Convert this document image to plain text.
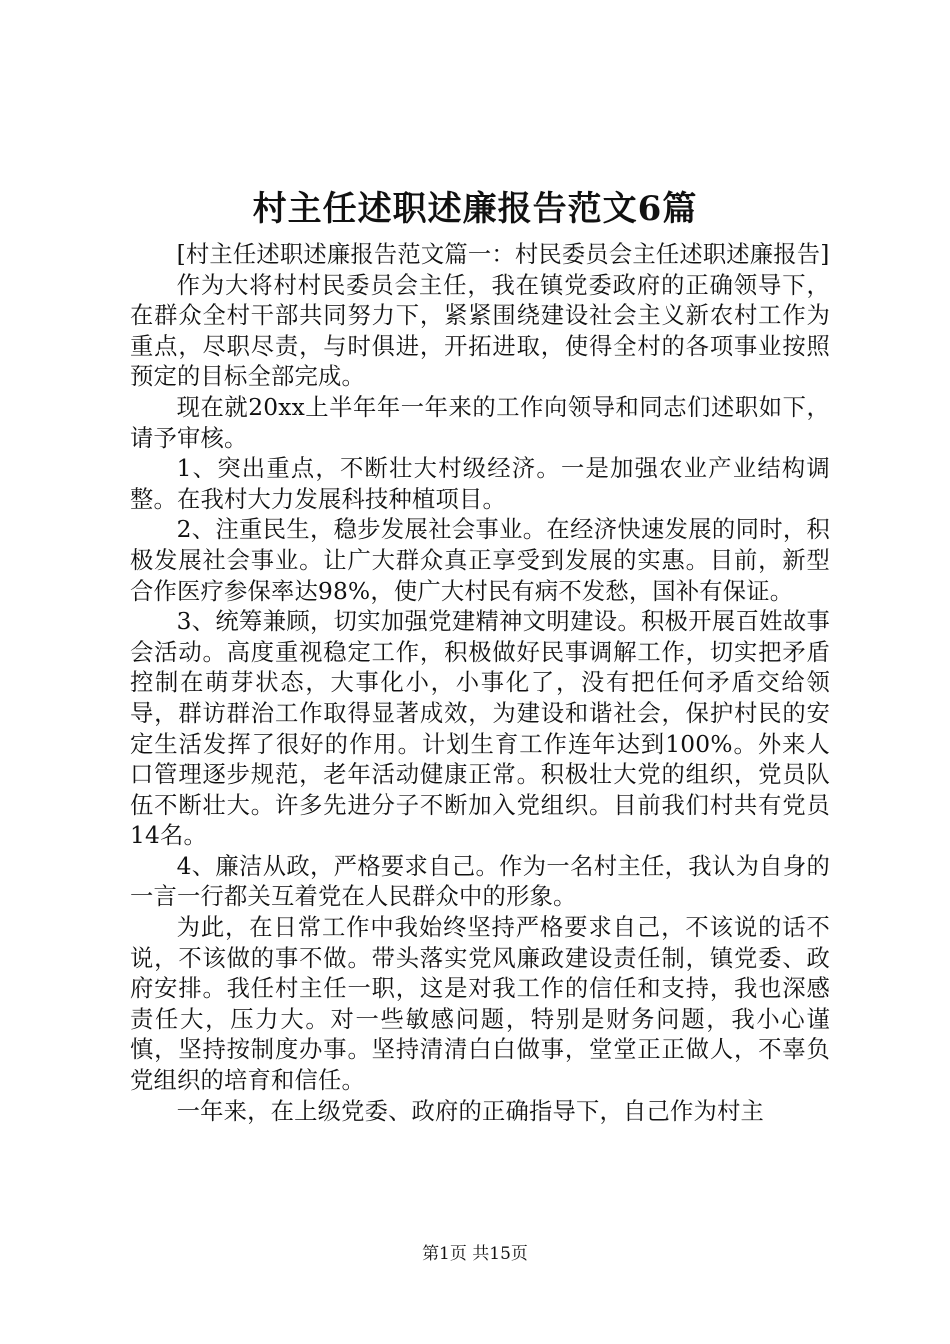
村主任述职述廉报告范文6篇

[村主任述职述廉报告范文篇一：村民委员会主任述职述廉报告]

作为大将村村民委员会主任，我在镇党委政府的正确领导下，在群众全村干部共同努力下，紧紧围绕建设社会主义新农村工作为重点，尽职尽责，与时俱进，开拓进取，使得全村的各项事业按照预定的目标全部完成。

现在就20xx上半年年一年来的工作向领导和同志们述职如下，请予审核。

1、突出重点，不断壮大村级经济。一是加强农业产业结构调整。在我村大力发展科技种植项目。

2、注重民生，稳步发展社会事业。在经济快速发展的同时，积极发展社会事业。让广大群众真正享受到发展的实惠。目前，新型合作医疗参保率达98%，使广大村民有病不发愁，国补有保证。

3、统筹兼顾，切实加强党建精神文明建设。积极开展百姓故事会活动。高度重视稳定工作，积极做好民事调解工作，切实把矛盾控制在萌芽状态，大事化小，小事化了，没有把任何矛盾交给领导，群访群治工作取得显著成效，为建设和谐社会，保护村民的安定生活发挥了很好的作用。计划生育工作连年达到100%。外来人口管理逐步规范，老年活动健康正常。积极壮大党的组织，党员队伍不断壮大。许多先进分子不断加入党组织。目前我们村共有党员14名。

4、廉洁从政，严格要求自己。作为一名村主任，我认为自身的一言一行都关互着党在人民群众中的形象。

为此，在日常工作中我始终坚持严格要求自己，不该说的话不说，不该做的事不做。带头落实党风廉政建设责任制，镇党委、政府安排。我任村主任一职，这是对我工作的信任和支持，我也深感责任大，压力大。对一些敏感问题，特别是财务问题，我小心谨慎，坚持按制度办事。坚持清清白白做事，堂堂正正做人，不辜负党组织的培育和信任。

一年来，在上级党委、政府的正确指导下，自己作为村主

第1页 共15页
